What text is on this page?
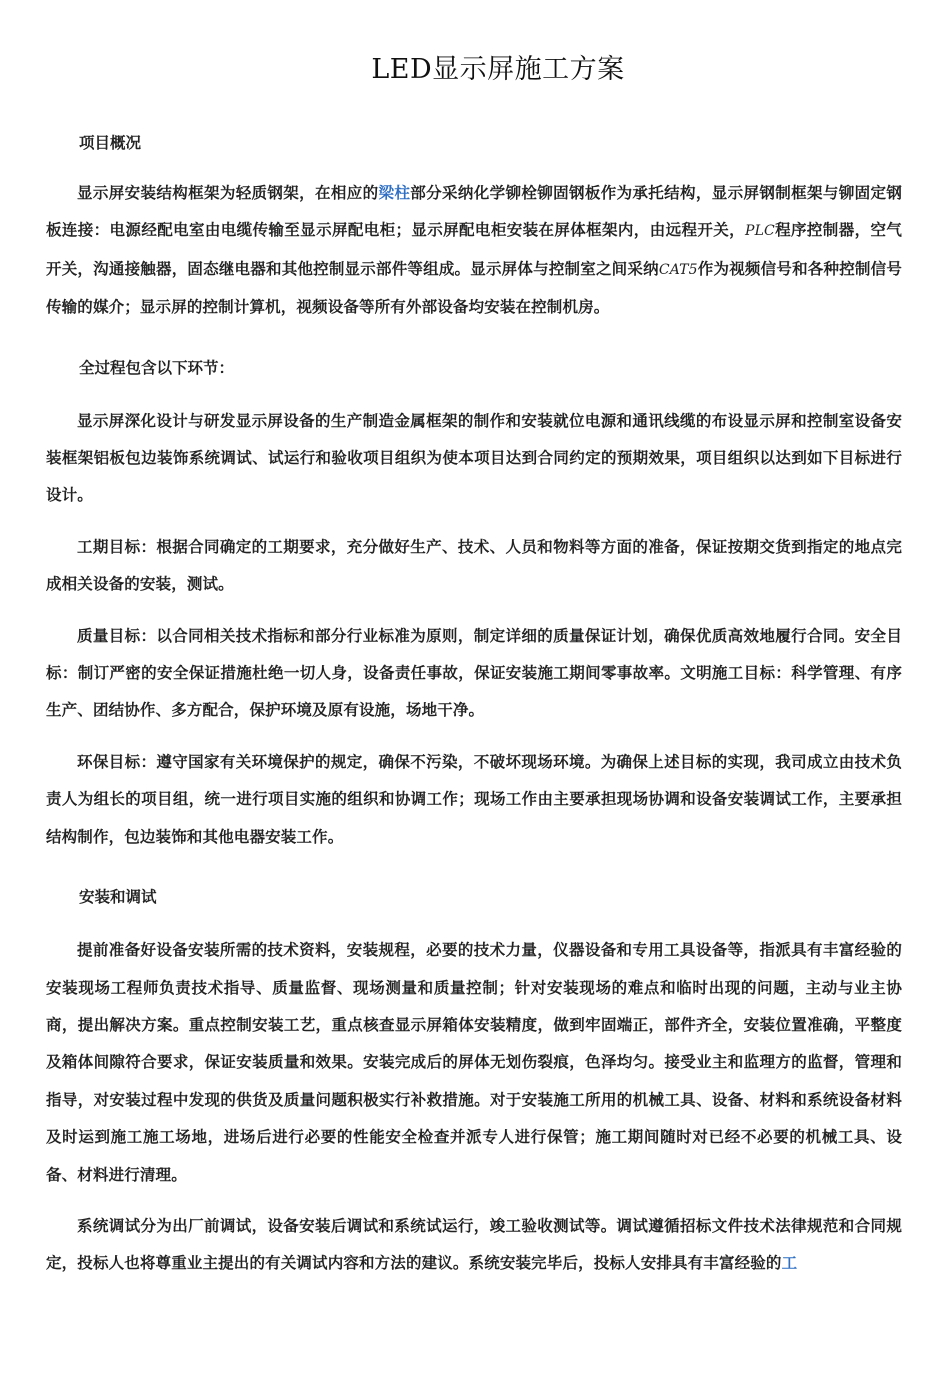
LED显示屏施工方案
项目概况

显示屏安装结构框架为轻质钢架，在相应的梁柱部分采纳化学铆栓铆固钢板作为承托结构，显示屏钢制框架与铆固定钢板连接：电源经配电室由电缆传输至显示屏配电柜；显示屏配电柜安装在屏体框架内，由远程开关，PLC程序控制器，空气开关，沟通接触器，固态继电器和其他控制显示部件等组成。显示屏体与控制室之间采纳CAT5作为视频信号和各种控制信号传输的媒介；显示屏的控制计算机，视频设备等所有外部设备均安装在控制机房。

全过程包含以下环节：

显示屏深化设计与研发显示屏设备的生产制造金属框架的制作和安装就位电源和通讯线缆的布设显示屏和控制室设备安装框架铝板包边装饰系统调试、试运行和验收项目组织为使本项目达到合同约定的预期效果，项目组织以达到如下目标进行设计。

工期目标：根据合同确定的工期要求，充分做好生产、技术、人员和物料等方面的准备，保证按期交货到指定的地点完成相关设备的安装，测试。

质量目标：以合同相关技术指标和部分行业标准为原则，制定详细的质量保证计划，确保优质高效地履行合同。安全目标：制订严密的安全保证措施杜绝一切人身，设备责任事故，保证安装施工期间零事故率。文明施工目标：科学管理、有序生产、团结协作、多方配合，保护环境及原有设施，场地干净。

环保目标：遵守国家有关环境保护的规定，确保不污染，不破坏现场环境。为确保上述目标的实现，我司成立由技术负责人为组长的项目组，统一进行项目实施的组织和协调工作；现场工作由主要承担现场协调和设备安装调试工作，主要承担结构制作，包边装饰和其他电器安装工作。

安装和调试

提前准备好设备安装所需的技术资料，安装规程，必要的技术力量，仪器设备和专用工具设备等，指派具有丰富经验的安装现场工程师负责技术指导、质量监督、现场测量和质量控制；针对安装现场的难点和临时出现的问题，主动与业主协商，提出解决方案。重点控制安装工艺，重点核查显示屏箱体安装精度，做到牢固端正，部件齐全，安装位置准确，平整度及箱体间隙符合要求，保证安装质量和效果。安装完成后的屏体无划伤裂痕，色泽均匀。接受业主和监理方的监督，管理和指导，对安装过程中发现的供货及质量问题积极实行补救措施。对于安装施工所用的机械工具、设备、材料和系统设备材料及时运到施工施工场地，进场后进行必要的性能安全检查并派专人进行保管；施工期间随时对已经不必要的机械工具、设备、材料进行清理。

系统调试分为出厂前调试，设备安装后调试和系统试运行，竣工验收测试等。调试遵循招标文件技术法律规范和合同规定，投标人也将尊重业主提出的有关调试内容和方法的建议。系统安装完毕后，投标人安排具有丰富经验的工
